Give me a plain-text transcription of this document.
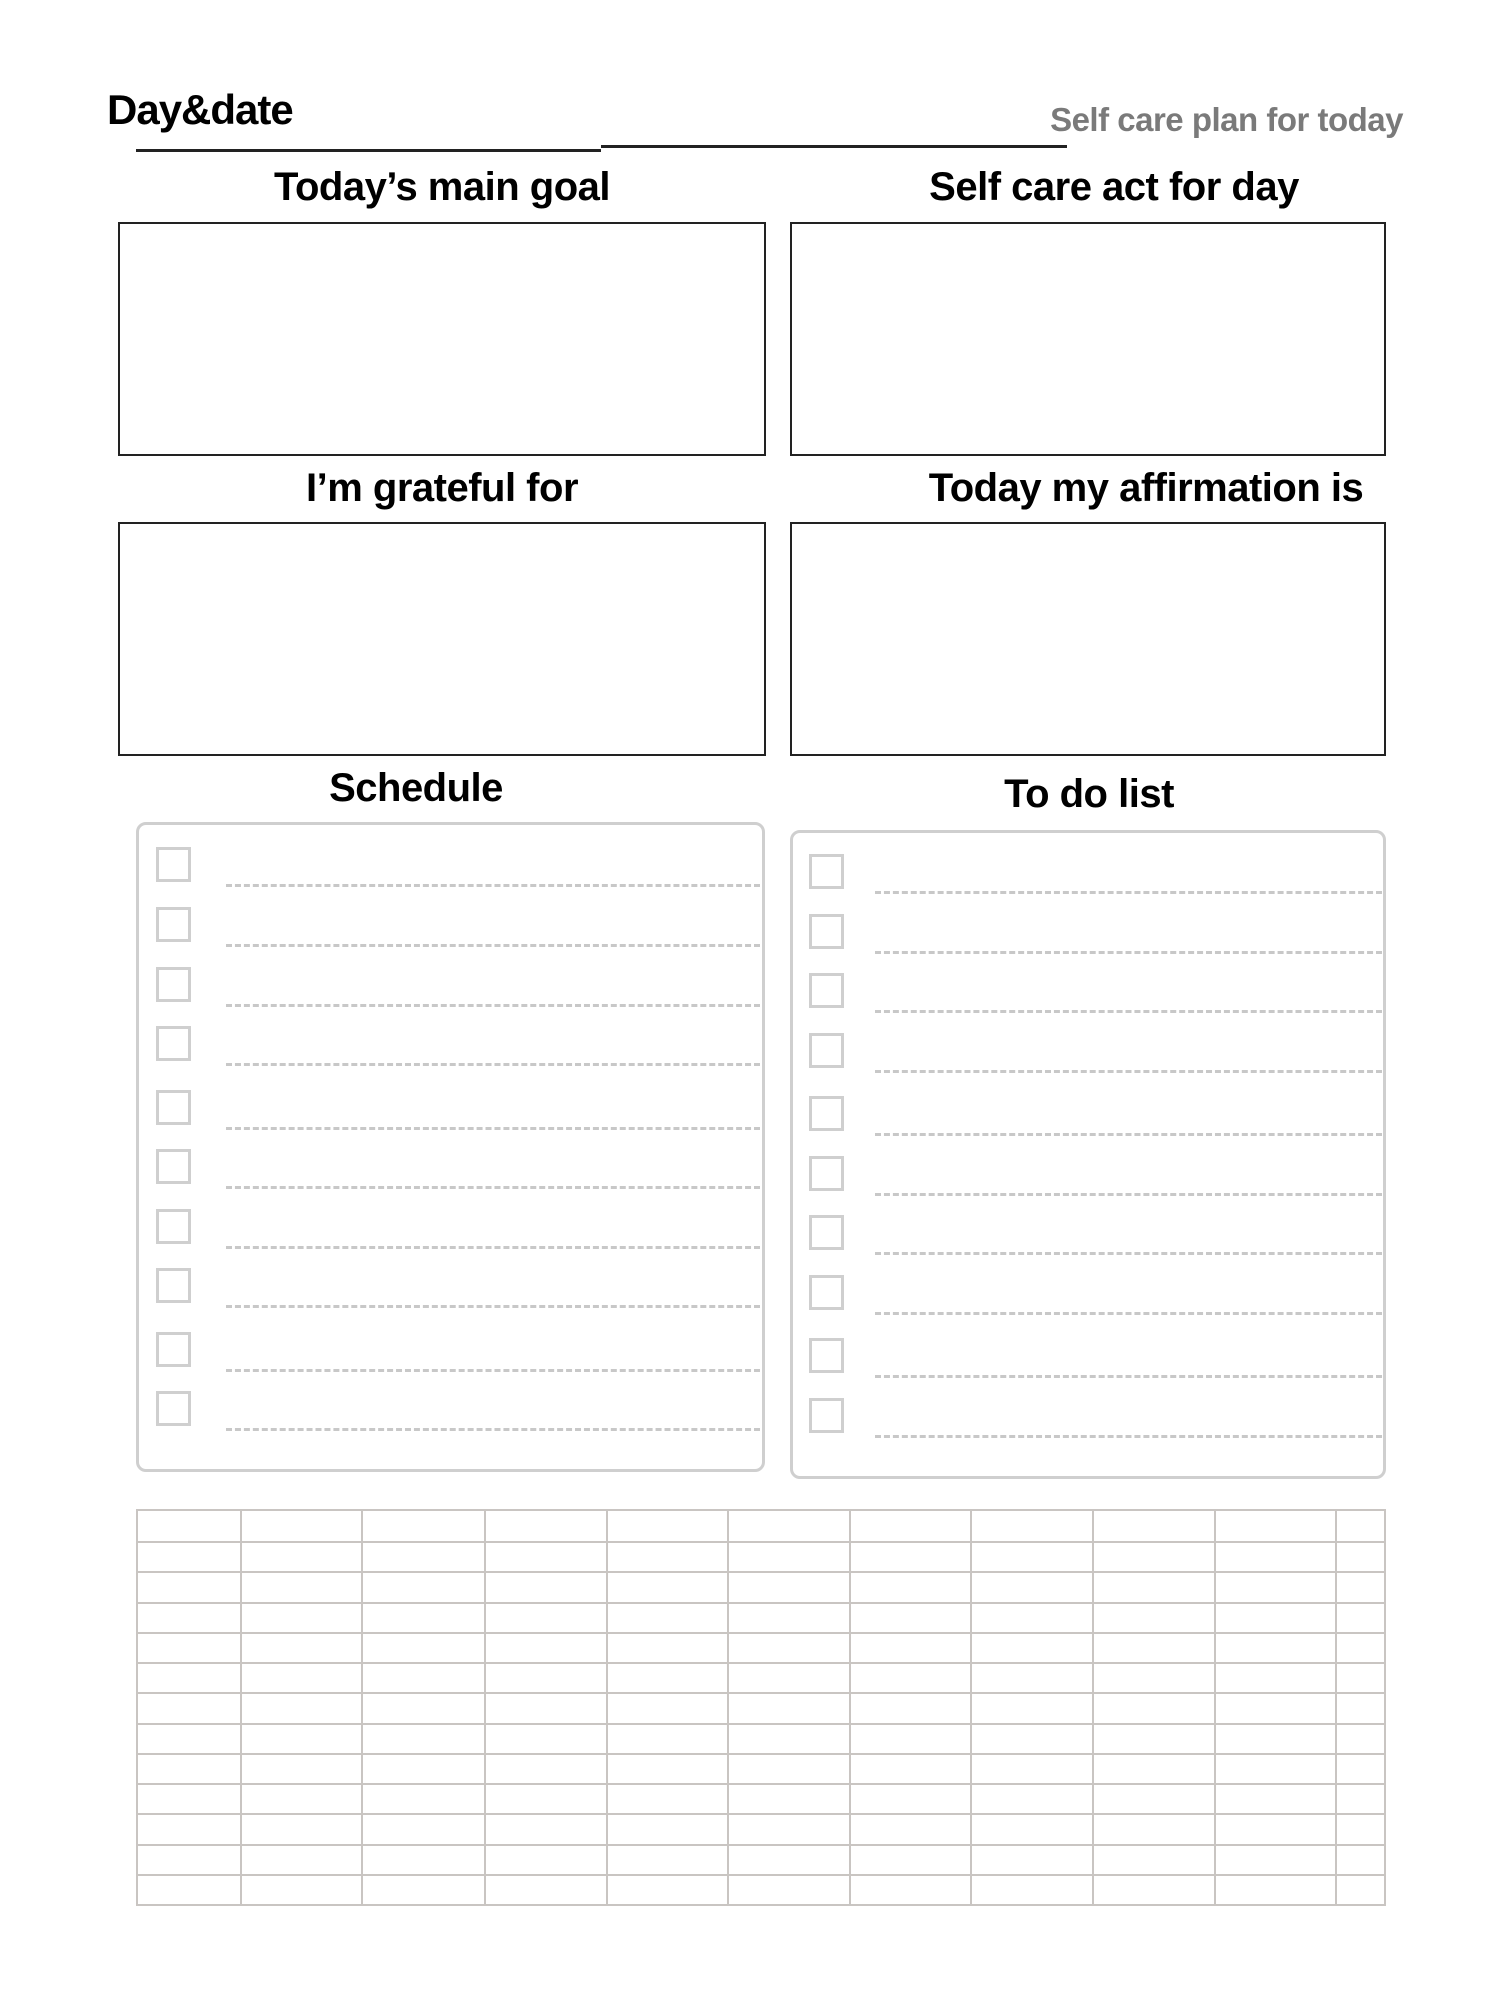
Day&date	Self care plan for today
Today’s main goal	Self care act for day
I’m grateful for	Today my affirmation is
Schedule	To do list
